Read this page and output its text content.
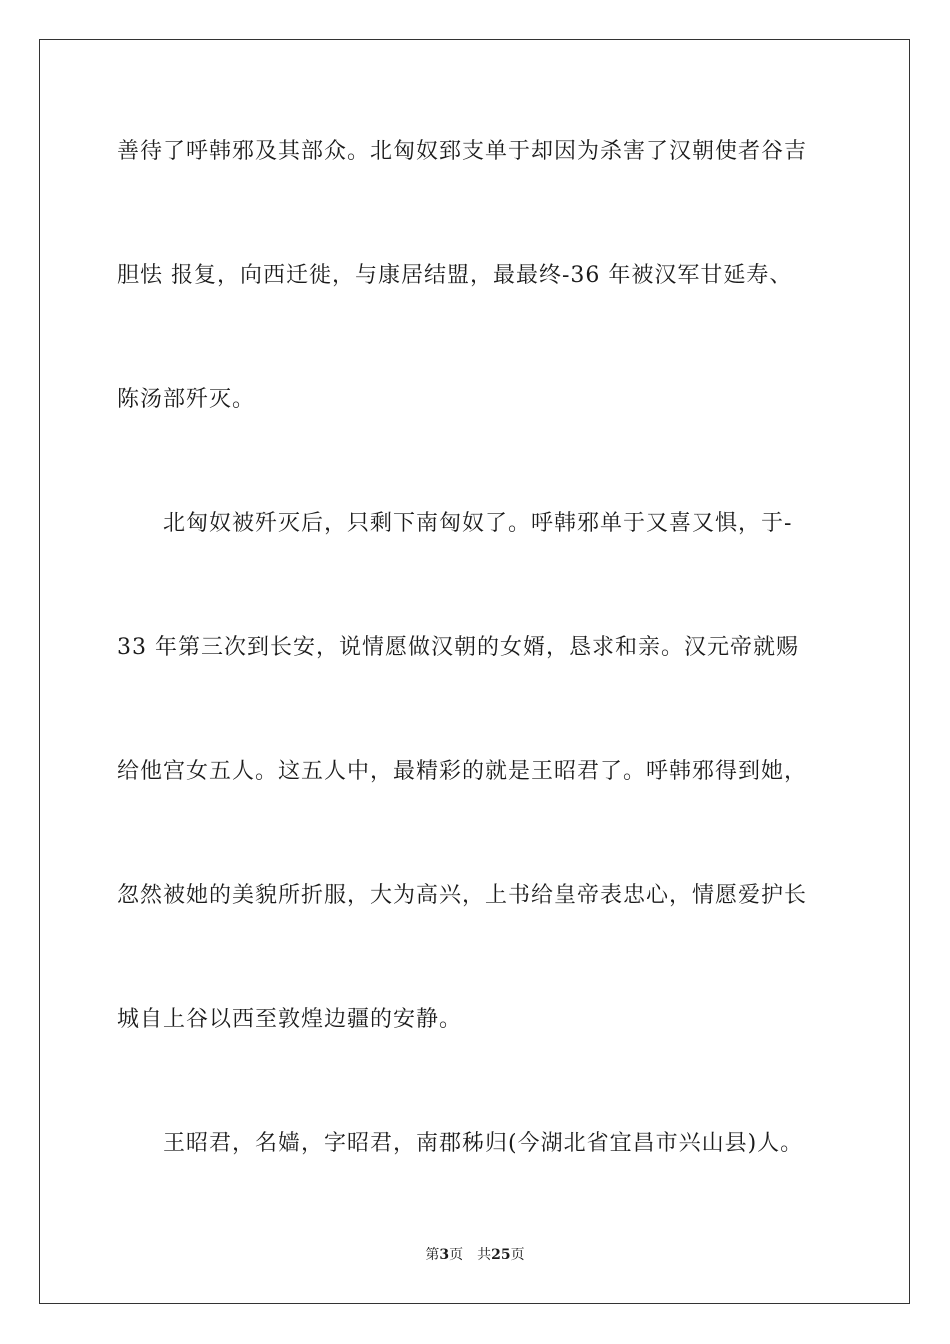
善待了呼韩邪及其部众。北匈奴郅支单于却因为杀害了汉朝使者谷吉
胆怯 报复，向西迁徙，与康居结盟，最最终-36 年被汉军甘延寿、
陈汤部歼灭。
北匈奴被歼灭后，只剩下南匈奴了。呼韩邪单于又喜又惧，于-
33 年第三次到长安，说情愿做汉朝的女婿，恳求和亲。汉元帝就赐
给他宫女五人。这五人中，最精彩的就是王昭君了。呼韩邪得到她，
忽然被她的美貌所折服，大为高兴，上书给皇帝表忠心，情愿爱护长
城自上谷以西至敦煌边疆的安静。
王昭君，名嫱，字昭君，南郡秭归(今湖北省宜昌市兴山县)人。
第3页 共25页
